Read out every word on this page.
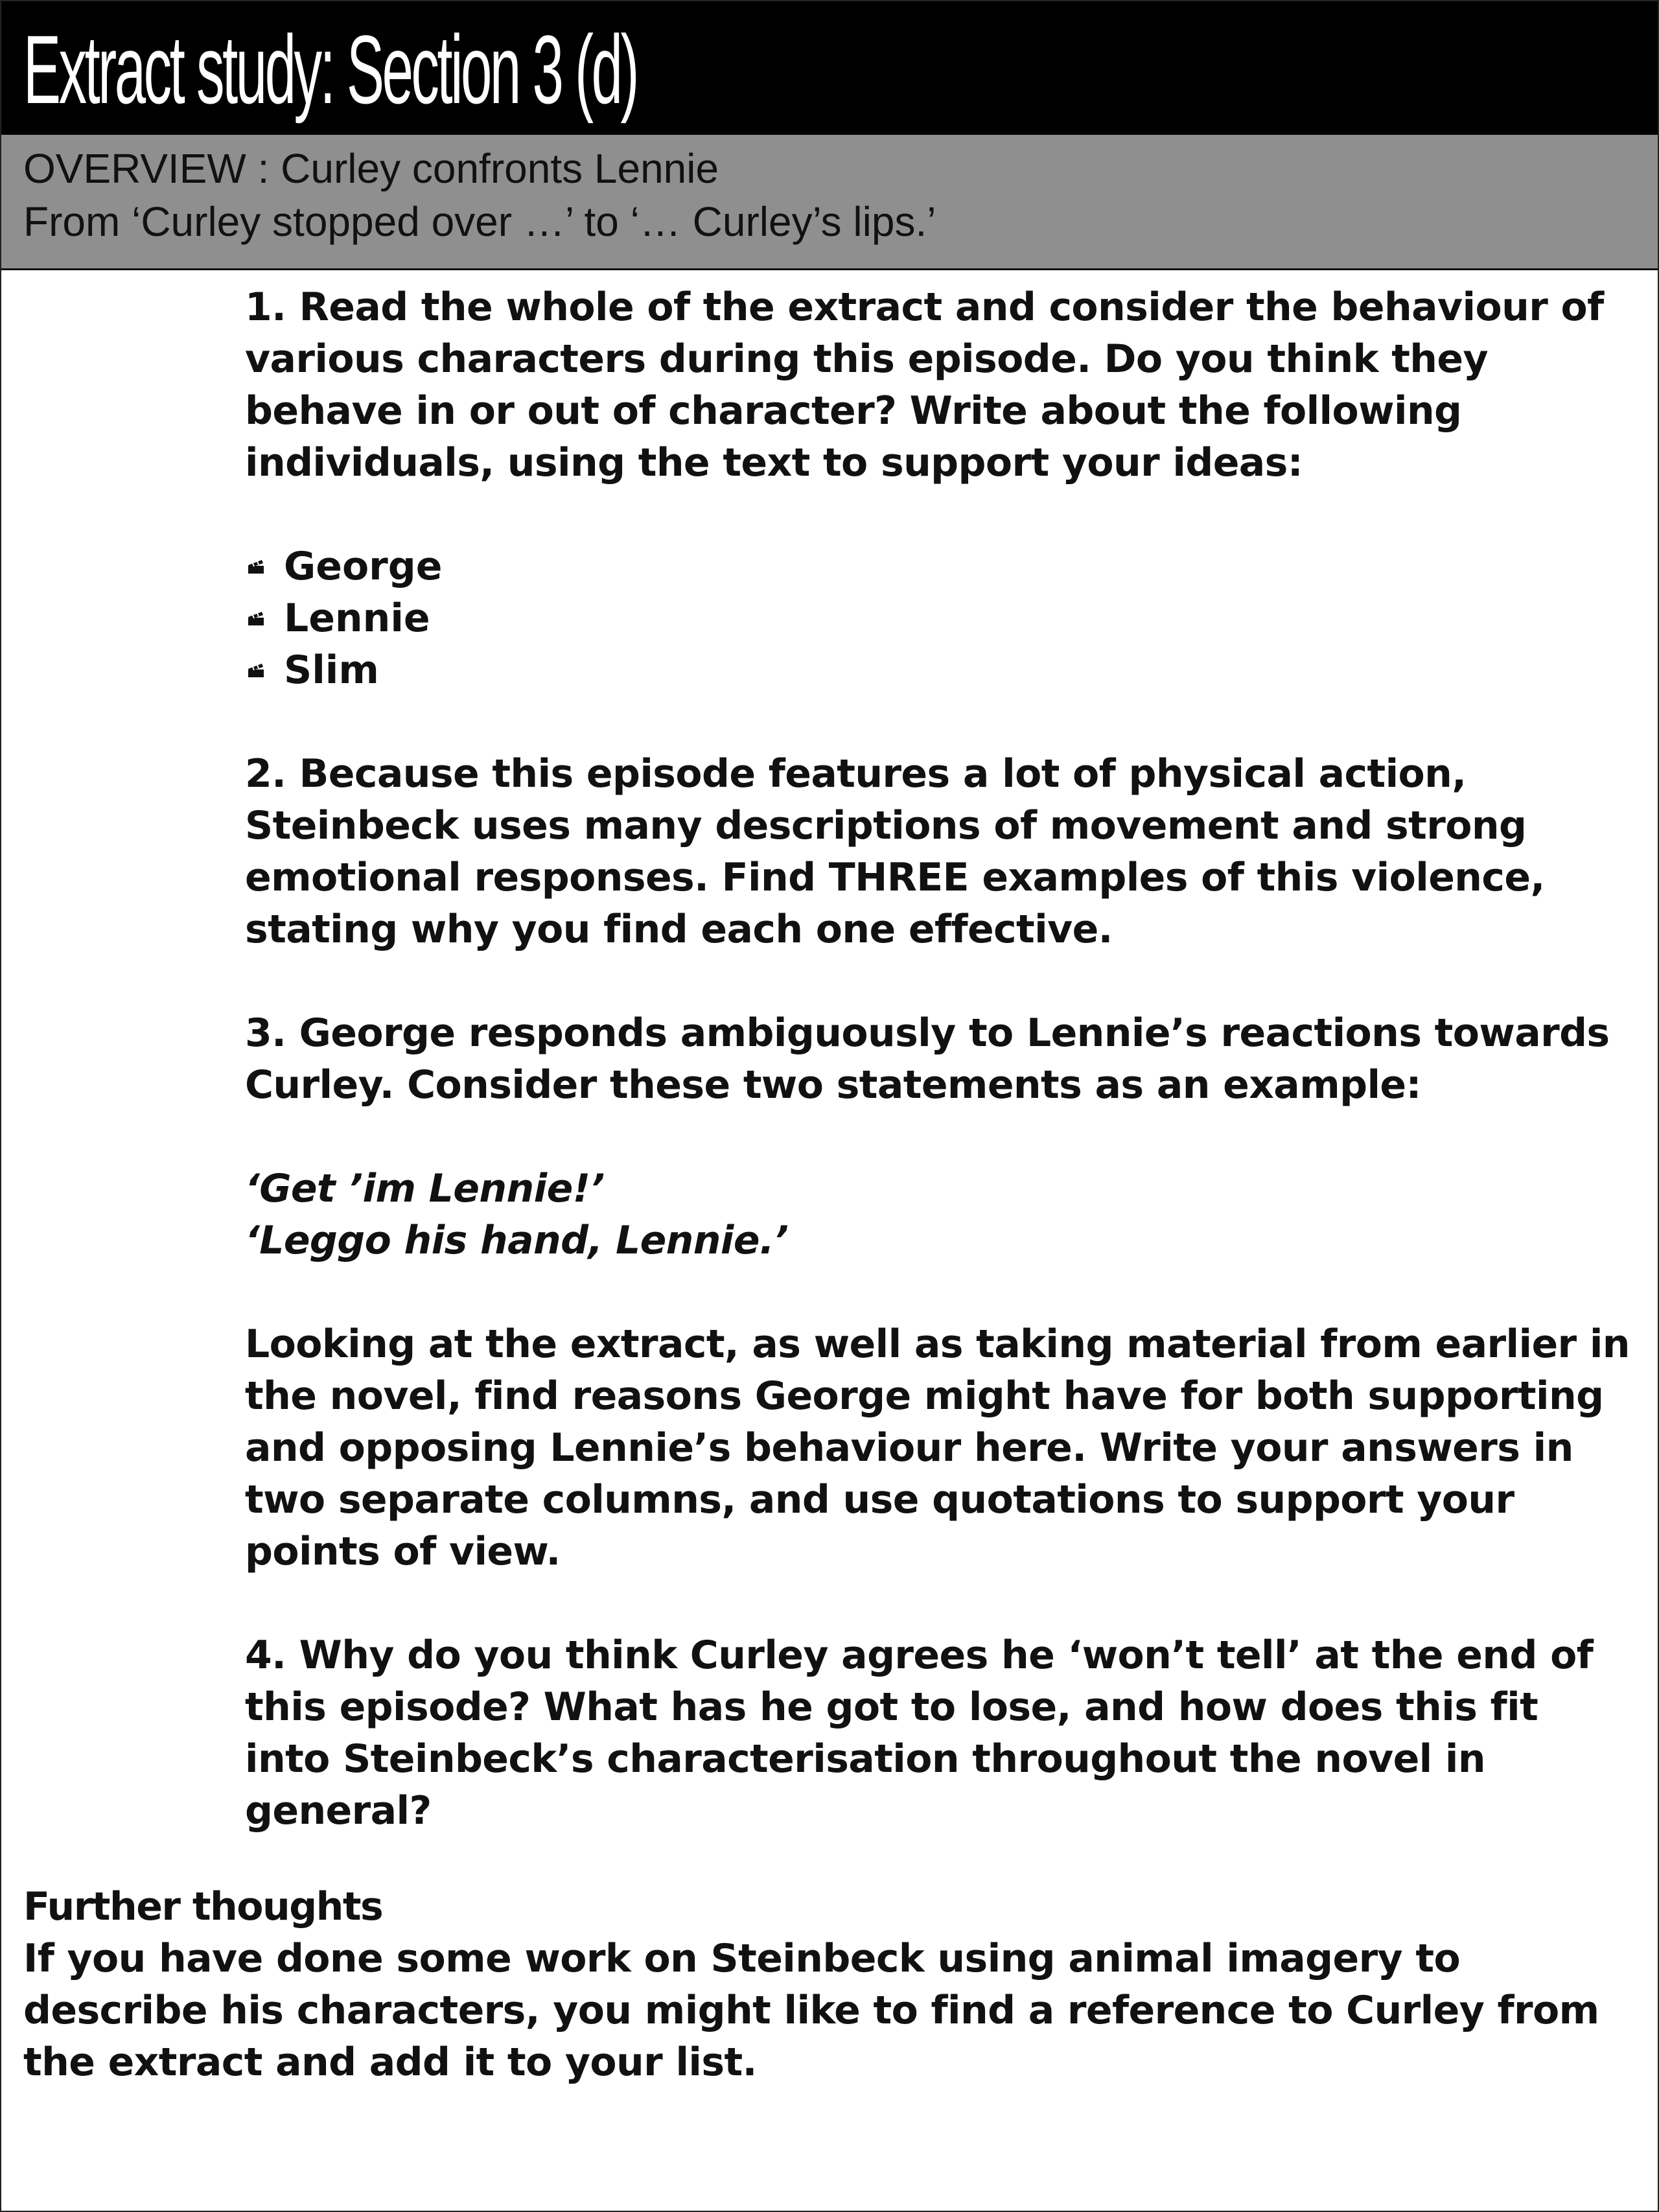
Extract study: Section 3 (d)
OVERVIEW : Curley confronts Lennie
From ‘Curley stopped over …’ to ‘… Curley’s lips.’

1. Read the whole of the extract and consider the behaviour of various characters during this episode. Do you think they behave in or out of character? Write about the following individuals, using the text to support your ideas:

George
Lennie
Slim

2. Because this episode features a lot of physical action, Steinbeck uses many descriptions of movement and strong emotional responses. Find THREE examples of this violence, stating why you find each one effective.

3. George responds ambiguously to Lennie’s reactions towards Curley. Consider these two statements as an example:

‘Get ’im Lennie!’
‘Leggo his hand, Lennie.’

Looking at the extract, as well as taking material from earlier in the novel, find reasons George might have for both supporting and opposing Lennie’s behaviour here. Write your answers in two separate columns, and use quotations to support your points of view.

4. Why do you think Curley agrees he ‘won’t tell’ at the end of this episode? What has he got to lose, and how does this fit into Steinbeck’s characterisation throughout the novel in general?

Further thoughts
If you have done some work on Steinbeck using animal imagery to describe his characters, you might like to find a reference to Curley from the extract and add it to your list.
